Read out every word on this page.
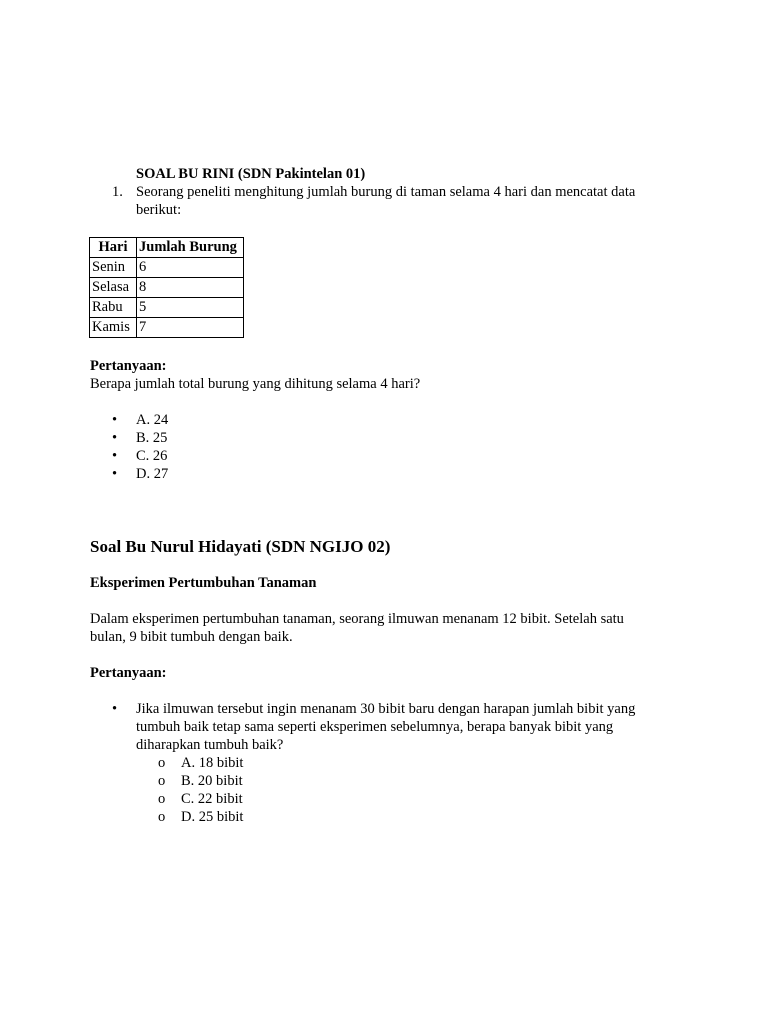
SOAL BU RINI (SDN Pakintelan 01)
1. Seorang peneliti menghitung jumlah burung di taman selama 4 hari dan mencatat data berikut:
Hari	Jumlah Burung
Senin	6
Selasa	8
Rabu	5
Kamis	7
Pertanyaan:
Berapa jumlah total burung yang dihitung selama 4 hari?
•	A. 24
•	B. 25
•	C. 26
•	D. 27
Soal Bu Nurul Hidayati (SDN NGIJO 02)
Eksperimen Pertumbuhan Tanaman
Dalam eksperimen pertumbuhan tanaman, seorang ilmuwan menanam 12 bibit. Setelah satu bulan, 9 bibit tumbuh dengan baik.
Pertanyaan:
• Jika ilmuwan tersebut ingin menanam 30 bibit baru dengan harapan jumlah bibit yang tumbuh baik tetap sama seperti eksperimen sebelumnya, berapa banyak bibit yang diharapkan tumbuh baik?
o A. 18 bibit
o B. 20 bibit
o C. 22 bibit
o D. 25 bibit
